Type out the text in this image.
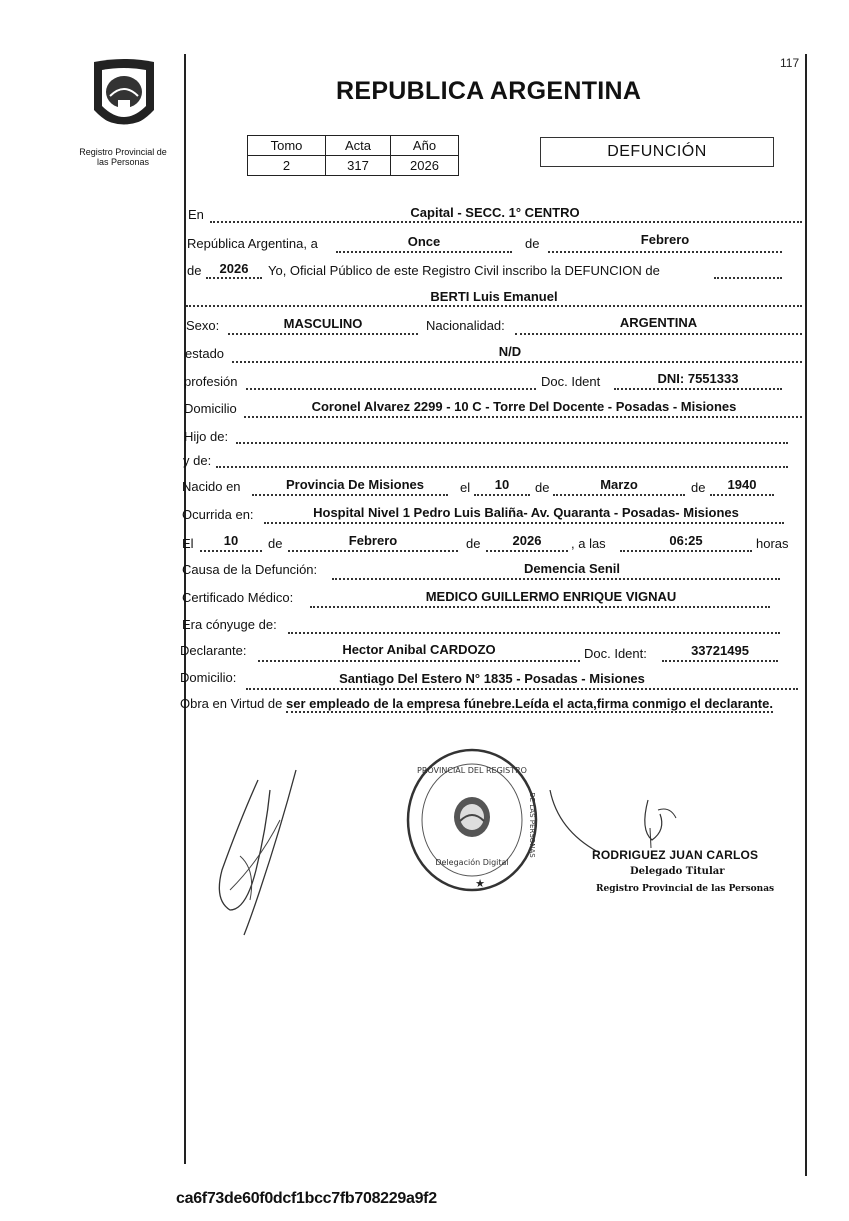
117
Registro Provincial de
las Personas
REPUBLICA ARGENTINA
Tomo	Acta	Año
2	317	2026
DEFUNCIÓN
En	Capital - SECC. 1° CENTRO
República Argentina, a	Once	de	Febrero
de	2026	Yo, Oficial Público de este Registro Civil inscribo la DEFUNCION de
BERTI Luis Emanuel
Sexo:	MASCULINO	Nacionalidad:	ARGENTINA
estado	N/D
profesión	Doc. Ident	DNI: 7551333
Domicilio	Coronel Alvarez 2299 - 10 C - Torre Del Docente - Posadas - Misiones
Hijo de:
y de:
Nacido en	Provincia De Misiones	el	10	de	Marzo	de	1940
Ocurrida en:	Hospital Nivel 1 Pedro Luis Baliña- Av. Quaranta - Posadas- Misiones
El	10	de	Febrero	de	2026	, a las	06:25	horas
Causa de la Defunción:	Demencia Senil
Certificado Médico:	MEDICO GUILLERMO ENRIQUE VIGNAU
Era cónyuge de:
Declarante:	Hector Anibal CARDOZO	Doc. Ident:	33721495
Domicilio:	Santiago Del Estero N° 1835 - Posadas - Misiones
Obra en Virtud de ser empleado de la empresa fúnebre.Leída el acta,firma conmigo el declarante.
PROVINCIAL DEL REGISTRO
DE LAS PERSONAS
Delegación Digital
★
RODRIGUEZ JUAN CARLOS
Delegado Titular
Registro Provincial de las Personas
ca6f73de60f0dcf1bcc7fb708229a9f2
